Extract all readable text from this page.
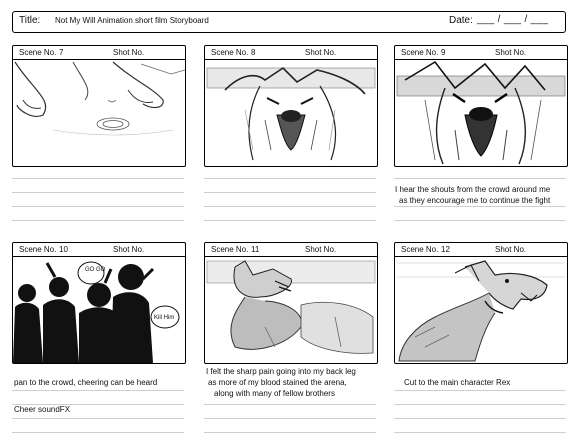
Title: Not My Will Animation short film Storyboard	Date: ___ / ___ / ___
Scene No. 7	Shot No.	Scene No. 8	Shot No.	Scene No. 9	Shot No.
I hear the shouts from the crowd around me
as they encourage me to continue the fight
Scene No. 10	Shot No.
GO GO
Kill Him
Scene No. 11	Shot No.	Scene No. 12	Shot No.
pan to the crowd, cheering can be heard
Cheer soundFX
I felt the sharp pain going into my back leg
as more of my blood stained the arena,
along with many of fellow brothers
Cut to the main character Rex
